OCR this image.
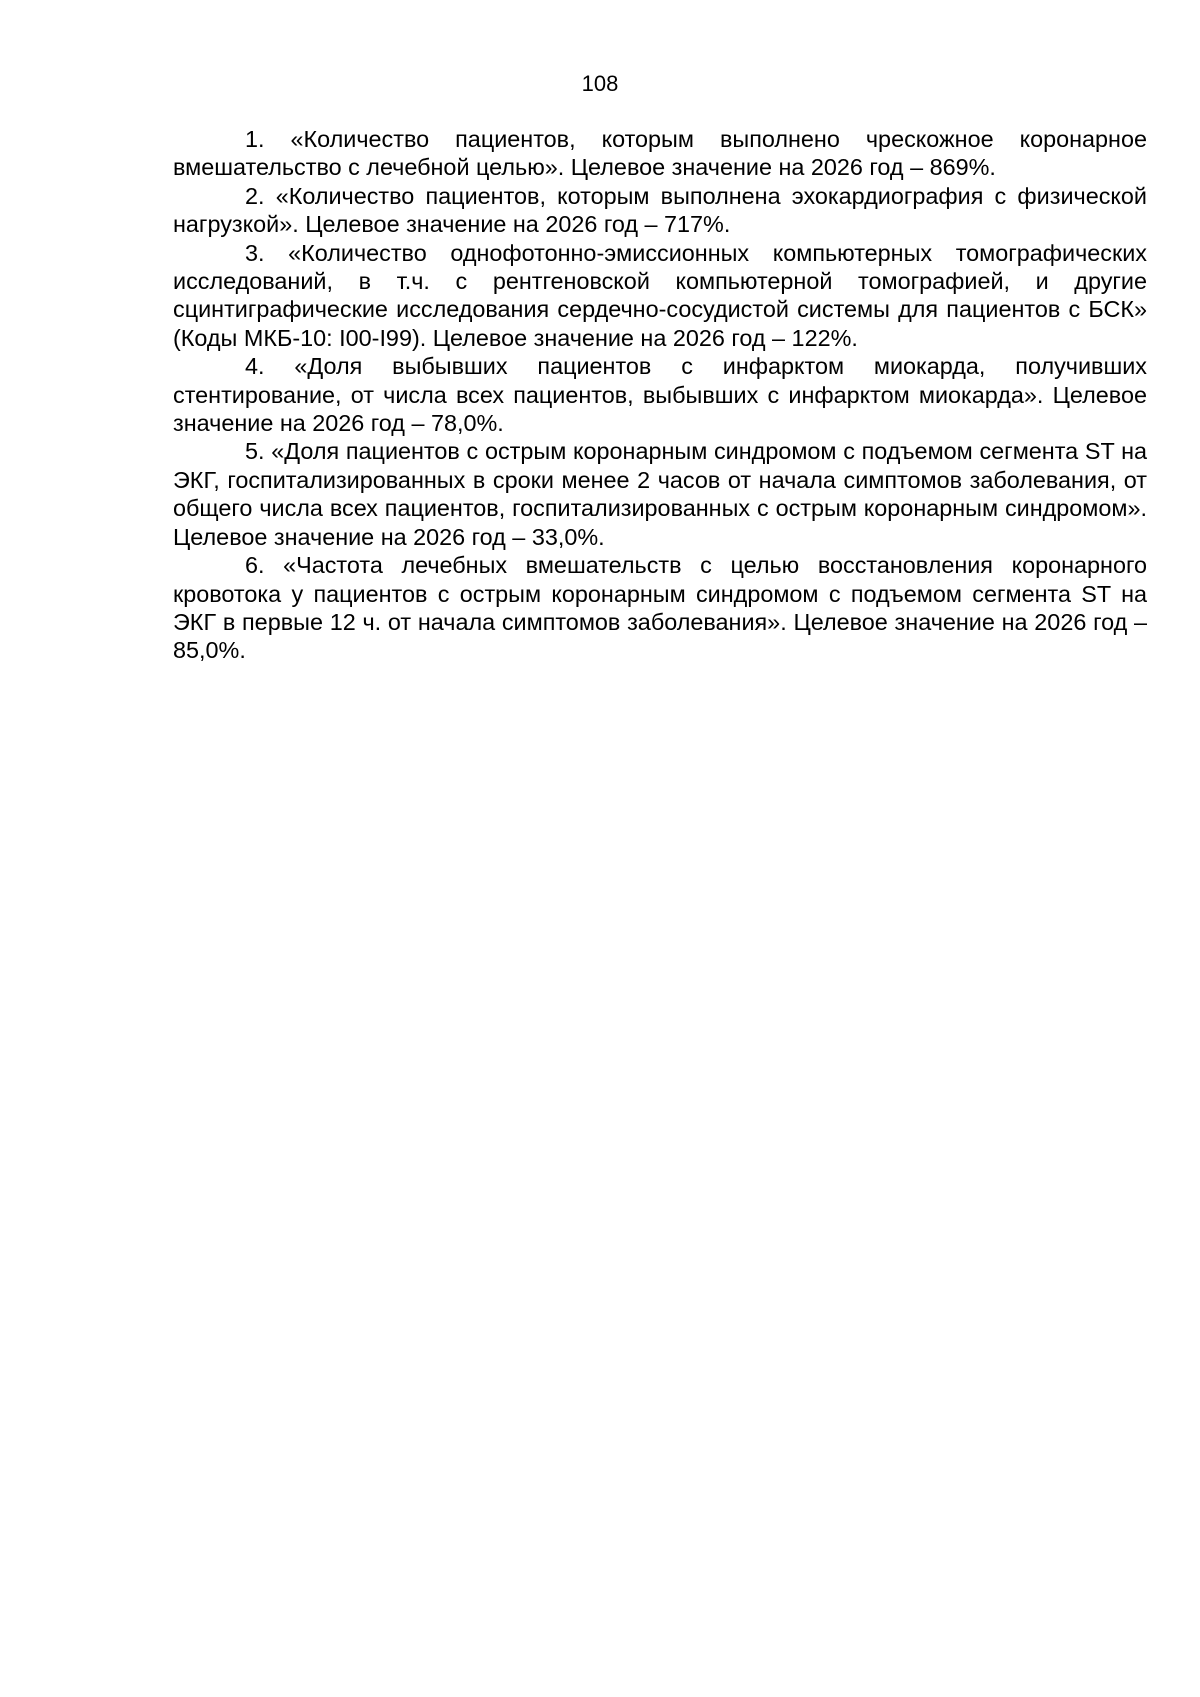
108

1. «Количество пациентов, которым выполнено чрескожное коронарное вмешательство с лечебной целью». Целевое значение на 2026 год – 869%.

2. «Количество пациентов, которым выполнена эхокардиография с физической нагрузкой». Целевое значение на 2026 год – 717%.

3. «Количество однофотонно-эмиссионных компьютерных томографических исследований, в т.ч. с рентгеновской компьютерной томографией, и другие сцинтиграфические исследования сердечно-сосудистой системы для пациентов с БСК» (Коды МКБ-10: I00-I99). Целевое значение на 2026 год – 122%.

4. «Доля выбывших пациентов с инфарктом миокарда, получивших стентирование, от числа всех пациентов, выбывших с инфарктом миокарда». Целевое значение на 2026 год – 78,0%.

5. «Доля пациентов с острым коронарным синдромом с подъемом сегмента ST на ЭКГ, госпитализированных в сроки менее 2 часов от начала симптомов заболевания, от общего числа всех пациентов, госпитализированных с острым коронарным синдромом». Целевое значение на 2026 год – 33,0%.

6. «Частота лечебных вмешательств с целью восстановления коронарного кровотока у пациентов с острым коронарным синдромом с подъемом сегмента ST на ЭКГ в первые 12 ч. от начала симптомов заболевания». Целевое значение на 2026 год – 85,0%.
